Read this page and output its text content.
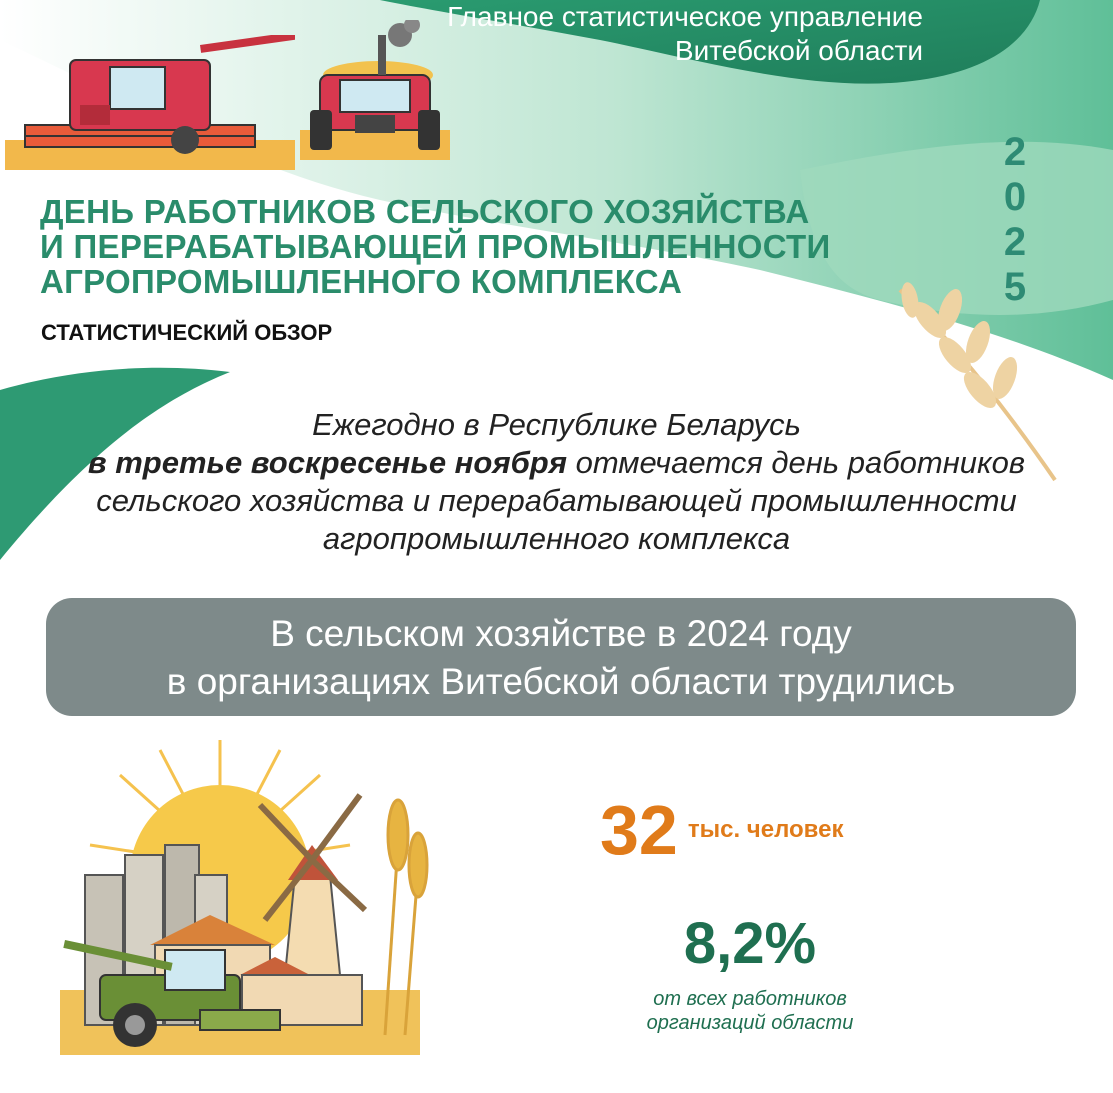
Главное статистическое управление
Витебской области
2
0
2
5
ДЕНЬ РАБОТНИКОВ СЕЛЬСКОГО ХОЗЯЙСТВА
И ПЕРЕРАБАТЫВАЮЩЕЙ ПРОМЫШЛЕННОСТИ
АГРОПРОМЫШЛЕННОГО КОМПЛЕКСА
СТАТИСТИЧЕСКИЙ ОБЗОР
Ежегодно в Республике Беларусь
в третье воскресенье ноября отмечается день работников
сельского хозяйства и перерабатывающей промышленности
агропромышленного комплекса
В сельском хозяйстве в 2024 году
в организациях Витебской области трудились
32 тыс. человек
8,2%
от всех работников
организаций области
